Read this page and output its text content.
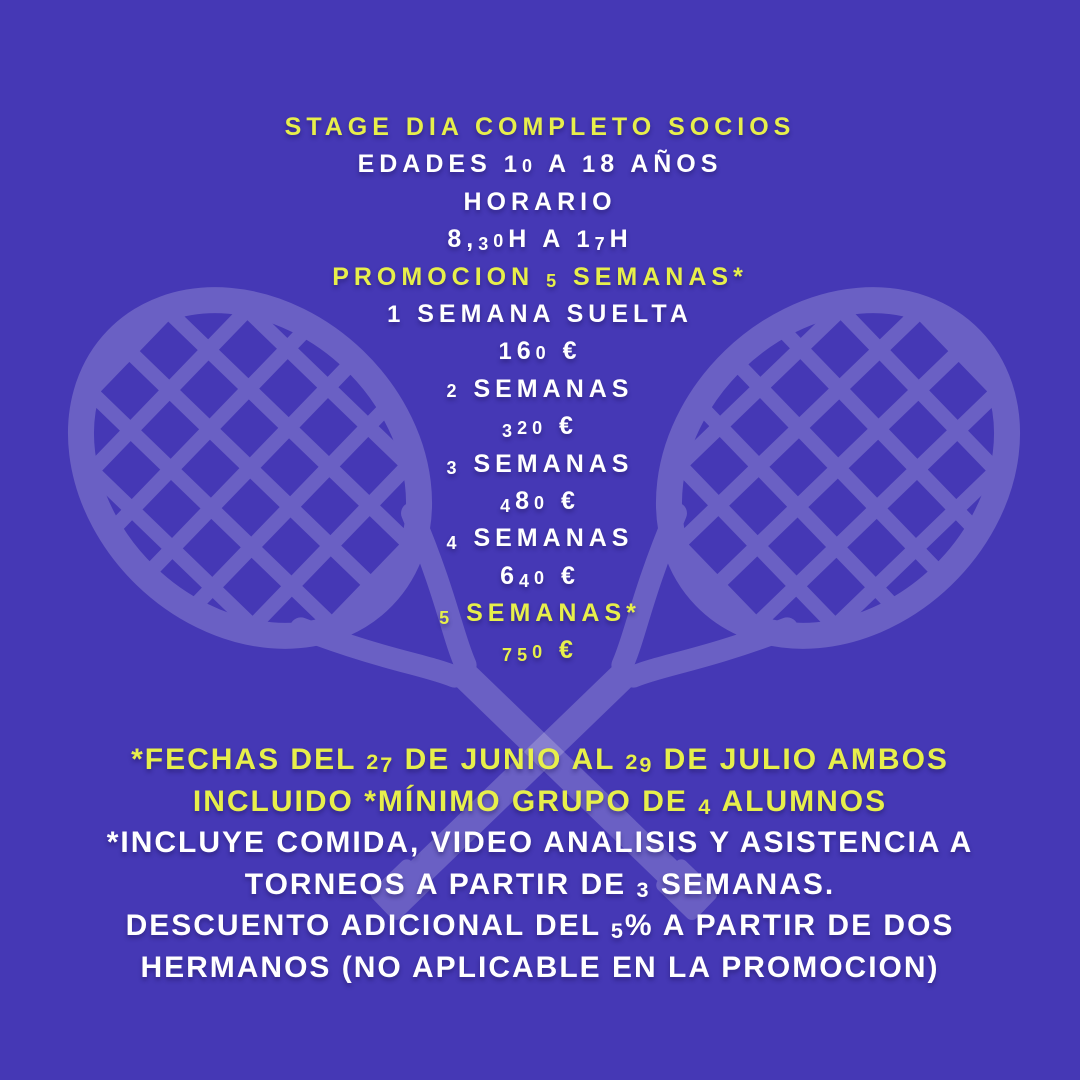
STAGE DIA COMPLETO SOCIOS
EDADES 10 A 18 AÑOS
HORARIO
8,30H A 17H
PROMOCION 5 SEMANAS*
1 SEMANA SUELTA
160 €
2 SEMANAS
320 €
3 SEMANAS
480 €
4 SEMANAS
640 €
5 SEMANAS*
750 €
*FECHAS DEL 27 DE JUNIO AL 29 DE JULIO AMBOS
INCLUIDO *MÍNIMO GRUPO DE 4 ALUMNOS
*INCLUYE COMIDA, VIDEO ANALISIS Y ASISTENCIA A
TORNEOS A PARTIR DE 3 SEMANAS.
DESCUENTO ADICIONAL DEL 5% A PARTIR DE DOS
HERMANOS (NO APLICABLE EN LA PROMOCION)
